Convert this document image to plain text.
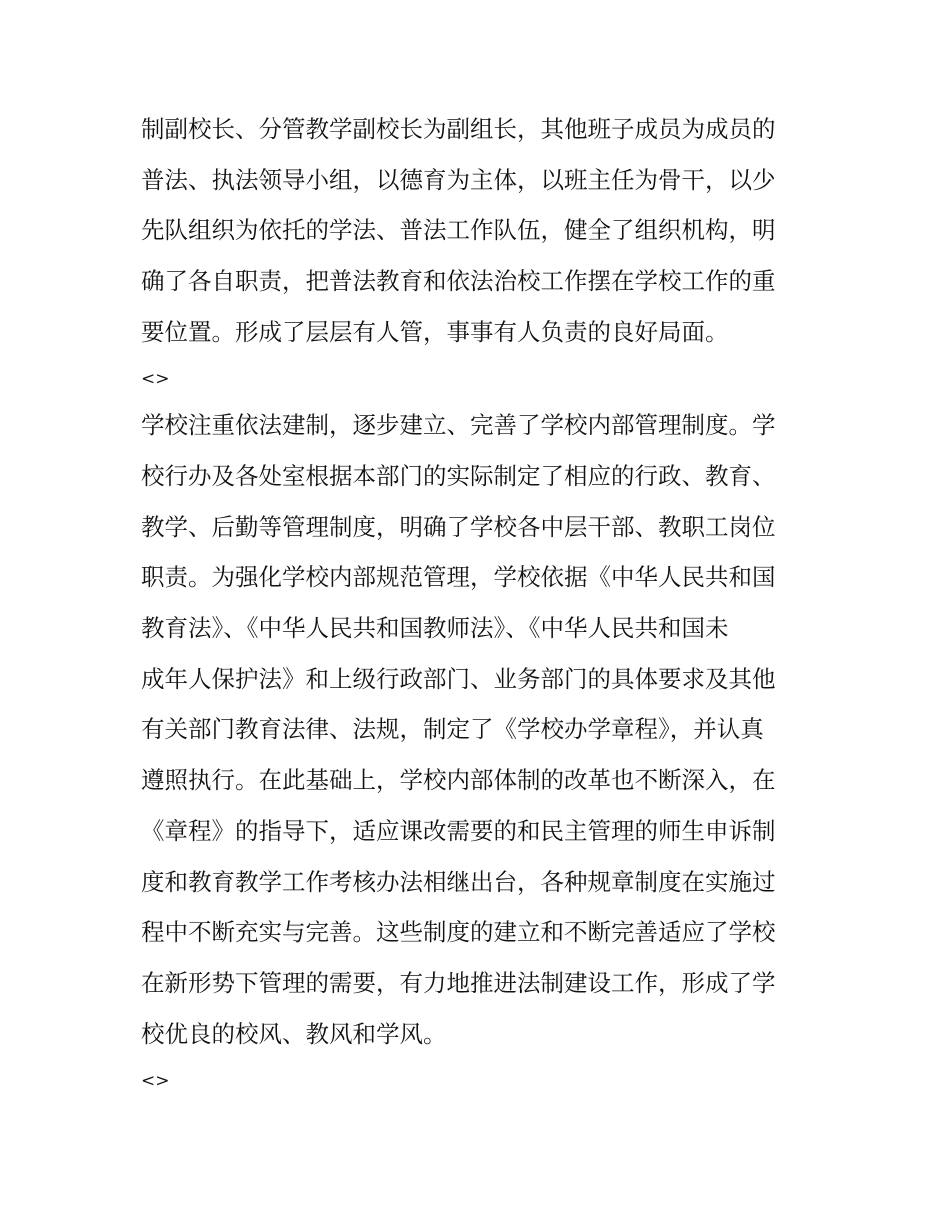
制副校长、分管教学副校长为副组长，其他班子成员为成员的
普法、执法领导小组，以德育为主体，以班主任为骨干，以少
先队组织为依托的学法、普法工作队伍，健全了组织机构，明
确了各自职责，把普法教育和依法治校工作摆在学校工作的重
要位置。形成了层层有人管，事事有人负责的良好局面。
<>
学校注重依法建制，逐步建立、完善了学校内部管理制度。学
校行办及各处室根据本部门的实际制定了相应的行政、教育、
教学、后勤等管理制度，明确了学校各中层干部、教职工岗位
职责。为强化学校内部规范管理，学校依据《中华人民共和国
教育法》、《中华人民共和国教师法》、《中华人民共和国未
成年人保护法》和上级行政部门、业务部门的具体要求及其他
有关部门教育法律、法规，制定了《学校办学章程》，并认真
遵照执行。在此基础上，学校内部体制的改革也不断深入，在
《章程》的指导下，适应课改需要的和民主管理的师生申诉制
度和教育教学工作考核办法相继出台，各种规章制度在实施过
程中不断充实与完善。这些制度的建立和不断完善适应了学校
在新形势下管理的需要，有力地推进法制建设工作，形成了学
校优良的校风、教风和学风。
<>
